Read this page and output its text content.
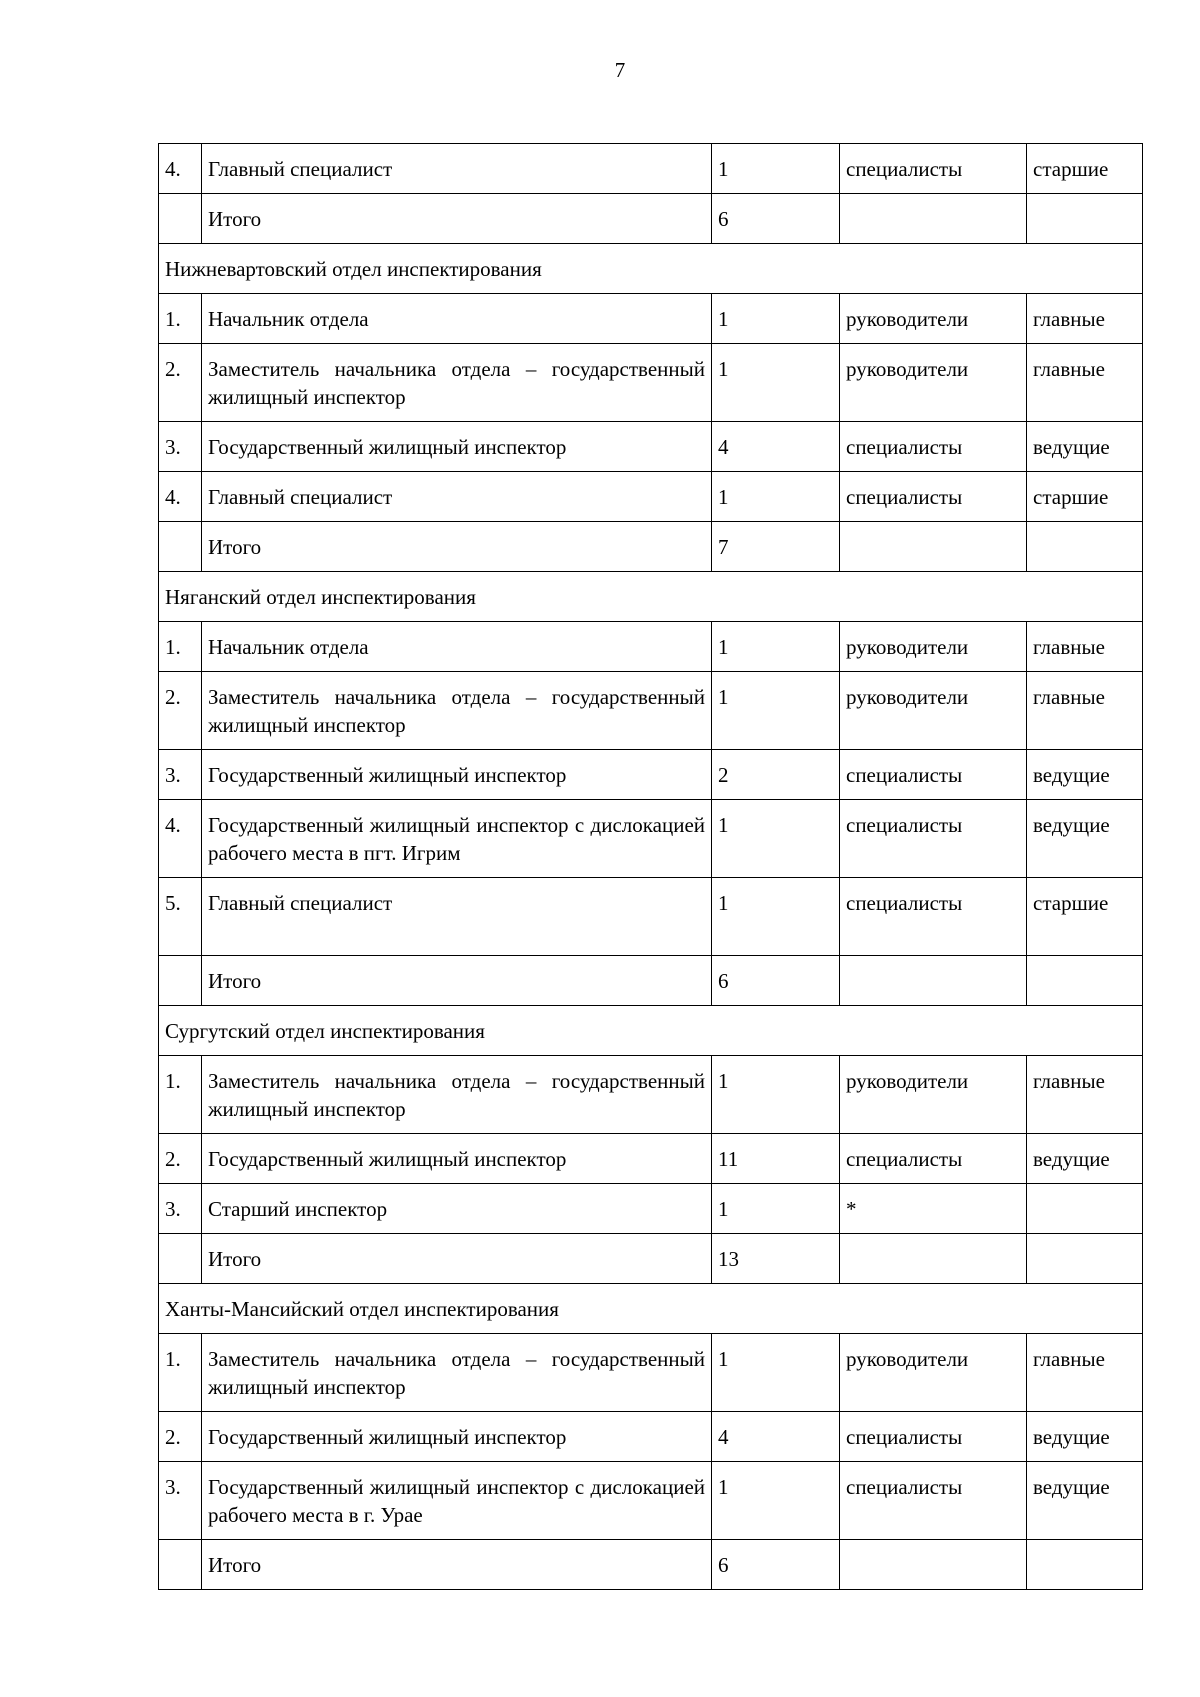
7
4.	Главный специалист	1	специалисты	старшие
	Итого	6		
Нижневартовский отдел инспектирования				
1.	Начальник отдела	1	руководители	главные
2.	Заместитель начальника отдела – государственный жилищный инспектор	1	руководители	главные
3.	Государственный жилищный инспектор	4	специалисты	ведущие
4.	Главный специалист	1	специалисты	старшие
	Итого	7		
Няганский отдел инспектирования				
1.	Начальник отдела	1	руководители	главные
2.	Заместитель начальника отдела – государственный жилищный инспектор	1	руководители	главные
3.	Государственный жилищный инспектор	2	специалисты	ведущие
4.	Государственный жилищный инспектор с дислокацией рабочего места в пгт. Игрим	1	специалисты	ведущие
5.	Главный специалист	1	специалисты	старшие
	Итого	6		
Сургутский отдел инспектирования				
1.	Заместитель начальника отдела – государственный жилищный инспектор	1	руководители	главные
2.	Государственный жилищный инспектор	11	специалисты	ведущие
3.	Старший инспектор	1	*	
	Итого	13		
Ханты-Мансийский отдел инспектирования				
1.	Заместитель начальника отдела – государственный жилищный инспектор	1	руководители	главные
2.	Государственный жилищный инспектор	4	специалисты	ведущие
3.	Государственный жилищный инспектор с дислокацией рабочего места в г. Урае	1	специалисты	ведущие
	Итого	6		
